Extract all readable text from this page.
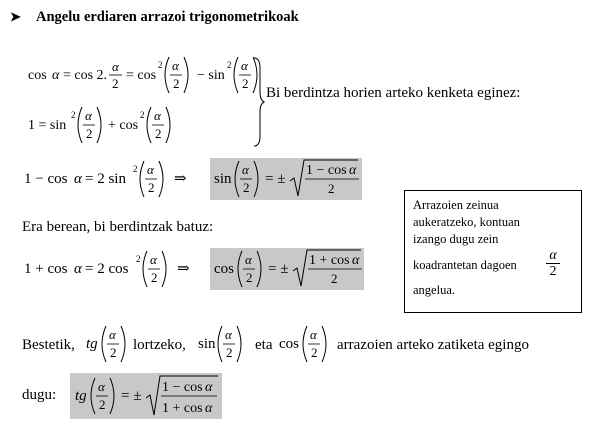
➤ Angelu erdiaren arrazoi trigonometrikoak
cos α = cos 2.
α
2
= cos
2 α
2
− sin
2 α
2
1 = sin
2 α
2
+ cos
2 α
2
Bi berdintza horien arteko kenketa eginez:
1 − cos α = 2 sin
2 α
2
⇒ sin
α
2
= ±
1 − cos α
2
Era berean, bi berdintzak batuz:
1 + cos α = 2 cos
2 α
2
⇒ cos
α
2
= ±
1 + cos α
2
Arrazoien zeinua
aukeratzeko, kontuan
izango dugu zein
koadrantetan dagoen $\frac{\alpha}{2}$
angelua.
Bestetik, tg
α
2 lortzeko, sin
α
2 eta cos
α
2 arrazoien arteko zatiketa egingo
dugu: tg
α
2
= ±
1 − cos α
1 + cos α
